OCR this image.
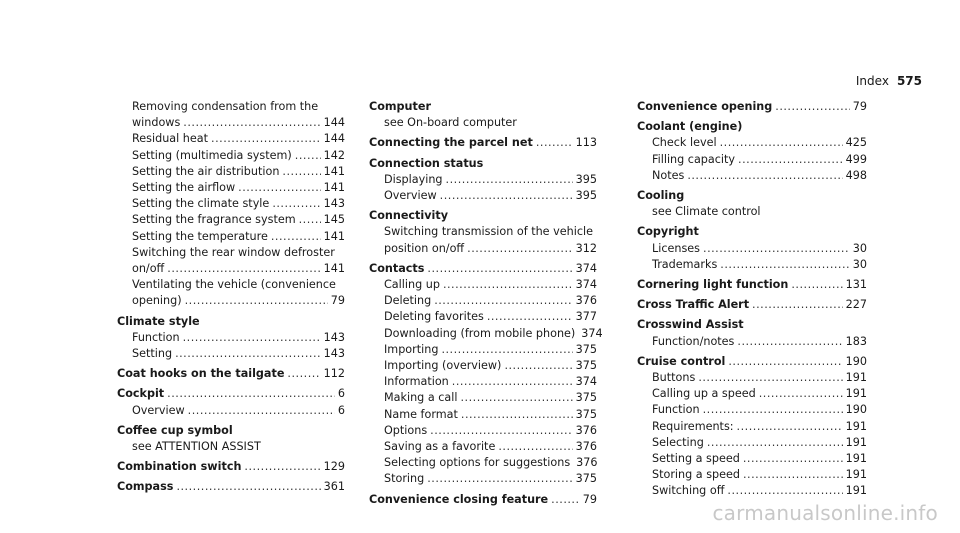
Index 575
Removing condensation from the
windows .....	144
Residual heat .....	144
Setting (multimedia system) .....	142
Setting the air distribution .....	141
Setting the airflow .....	141
Setting the climate style .....	143
Setting the fragrance system .....	145
Setting the temperature .....	141
Switching the rear window defroster
on/off .....	141
Ventilating the vehicle (convenience
opening) .....	79
Climate style
Function .....	143
Setting .....	143
Coat hooks on the tailgate .....	112
Cockpit .....	6
Overview .....	6
Coffee cup symbol
see ATTENTION ASSIST
Combination switch .....	129
Compass .....	361
Computer
see On-board computer
Connecting the parcel net .....	113
Connection status
Displaying .....	395
Overview .....	395
Connectivity
Switching transmission of the vehicle
position on/off .....	312
Contacts .....	374
Calling up .....	374
Deleting .....	376
Deleting favorites .....	377
Downloading (from mobile phone) 374
Importing .....	375
Importing (overview) .....	375
Information .....	374
Making a call .....	375
Name format .....	375
Options .....	376
Saving as a favorite .....	376
Selecting options for suggestions 376
Storing .....	375
Convenience closing feature .....	79
Convenience opening .....	79
Coolant (engine)
Check level .....	425
Filling capacity .....	499
Notes .....	498
Cooling
see Climate control
Copyright
Licenses .....	30
Trademarks .....	30
Cornering light function .....	131
Cross Traffic Alert .....	227
Crosswind Assist
Function/notes .....	183
Cruise control .....	190
Buttons .....	191
Calling up a speed .....	191
Function .....	190
Requirements: .....	191
Selecting .....	191
Setting a speed .....	191
Storing a speed .....	191
Switching off .....	191
carmanualsonline.info
